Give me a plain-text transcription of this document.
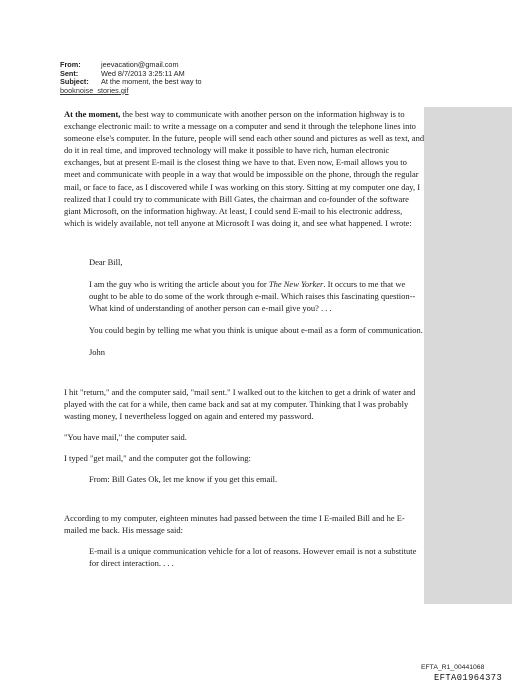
From:	jeevacation@gmail.com
Sent:	Wed 8/7/2013 3:25:11 AM
Subject:	At the moment, the best way to
booknoise_stories.gif

At the moment, the best way to communicate with another person on the information highway is to exchange electronic mail: to write a message on a computer and send it through the telephone lines into someone else's computer. In the future, people will send each other sound and pictures as well as text, and do it in real time, and improved technology will make it possible to have rich, human electronic exchanges, but at present E-mail is the closest thing we have to that. Even now, E-mail allows you to meet and communicate with people in a way that would be impossible on the phone, through the regular mail, or face to face, as I discovered while I was working on this story. Sitting at my computer one day, I realized that I could try to communicate with Bill Gates, the chairman and co-founder of the software giant Microsoft, on the information highway. At least, I could send E-mail to his electronic address, which is widely available, not tell anyone at Microsoft I was doing it, and see what happened. I wrote:

Dear Bill,

I am the guy who is writing the article about you for The New Yorker. It occurs to me that we ought to be able to do some of the work through e-mail. Which raises this fascinating question--What kind of understanding of another person can e-mail give you? . . .

You could begin by telling me what you think is unique about e-mail as a form of communication.

John

I hit "return," and the computer said, "mail sent." I walked out to the kitchen to get a drink of water and played with the cat for a while, then came back and sat at my computer. Thinking that I was probably wasting money, I nevertheless logged on again and entered my password.

"You have mail," the computer said.

I typed "get mail," and the computer got the following:

From: Bill Gates Ok, let me know if you get this email.

According to my computer, eighteen minutes had passed between the time I E-mailed Bill and he E-mailed me back. His message said:

E-mail is a unique communication vehicle for a lot of reasons. However email is not a substitute for direct interaction. . . .

EFTA_R1_00441068
EFTA01964373
